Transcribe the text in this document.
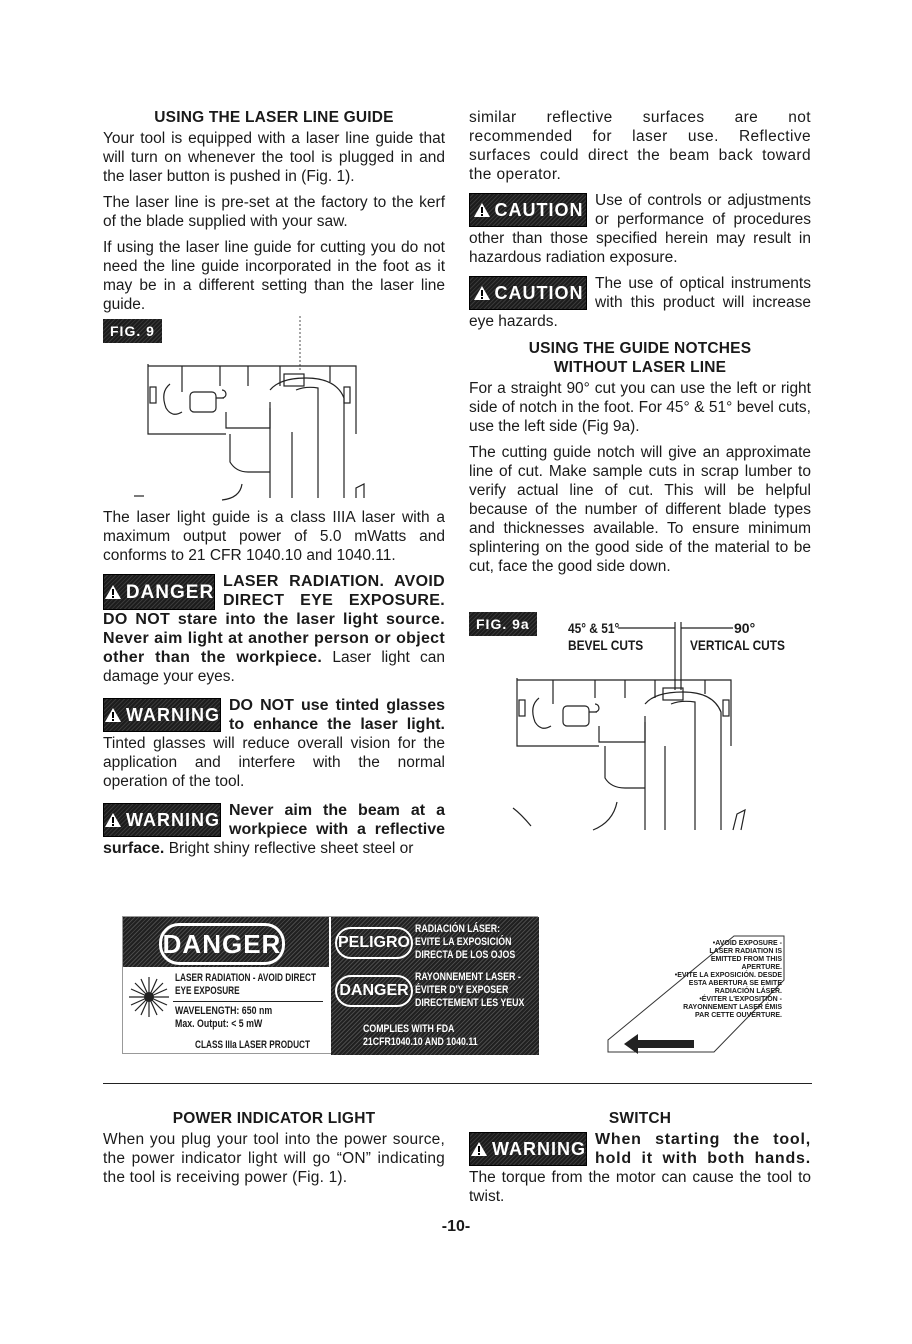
USING THE LASER LINE GUIDE

Your tool is equipped with a laser line guide that will turn on whenever the tool is plugged in and the laser button is pushed in (Fig. 1).

The laser line is pre-set at the factory to the kerf of the blade supplied with your saw.

If using the laser line guide for cutting you do not need the line guide incorporated in the foot as it may be in a different setting than the laser line guide.

FIG. 9

The laser light guide is a class IIIA laser with a maximum output power of 5.0 mWatts and conforms to 21 CFR 1040.10 and 1040.11.

DANGER LASER RADIATION. AVOID DIRECT EYE EXPOSURE. DO NOT stare into the laser light source. Never aim light at another person or object other than the workpiece. Laser light can damage your eyes.
WARNING DO NOT use tinted glasses to enhance the laser light. Tinted glasses will reduce overall vision for the application and interfere with the normal operation of the tool.
WARNING Never aim the beam at a workpiece with a reflective surface. Bright shiny reflective sheet steel or

similar reflective surfaces are not recommended for laser use. Reflective surfaces could direct the beam back toward the operator.

CAUTION Use of controls or adjustments or performance of procedures other than those specified herein may result in hazardous radiation exposure.
CAUTION The use of optical instruments with this product will increase eye hazards.
USING THE GUIDE NOTCHES
WITHOUT LASER LINE

For a straight 90° cut you can use the left or right side of notch in the foot. For 45° & 51° bevel cuts, use the left side (Fig 9a).

The cutting guide notch will give an approximate line of cut. Make sample cuts in scrap lumber to verify actual line of cut. This will be helpful because of the number of different blade types and thicknesses available. To ensure minimum splintering on the good side of the material to be cut, face the good side down.

FIG. 9a	45° & 51°
BEVEL CUTS
90°
VERTICAL CUTS
DANGER
LASER RADIATION - AVOID DIRECT
EYE EXPOSURE
WAVELENGTH: 650 nm
Max. Output: < 5 mW
CLASS IIIa LASER PRODUCT
PELIGRO
RADIACIÓN LÁSER:
EVITE LA EXPOSICIÓN
DIRECTA DE LOS OJOS
DANGER
RAYONNEMENT LASER -
ÉVITER D'Y EXPOSER
DIRECTEMENT LES YEUX
COMPLIES WITH FDA
21CFR1040.10 AND 1040.11
•AVOID EXPOSURE -
LASER RADIATION IS
EMITTED FROM THIS
APERTURE.
•EVITE LA EXPOSICIÓN. DESDE
ESTA ABERTURA SE EMITE
RADIACIÓN LÁSER.
•ÉVITER L'EXPOSITION -
RAYONNEMENT LASER ÉMIS
PAR CETTE OUVERTURE.
POWER INDICATOR LIGHT

When you plug your tool into the power source, the power indicator light will go “ON” indicating the tool is receiving power (Fig. 1).

SWITCH
WARNING When starting the tool, hold it with both hands. The torque from the motor can cause the tool to twist.
-10-
